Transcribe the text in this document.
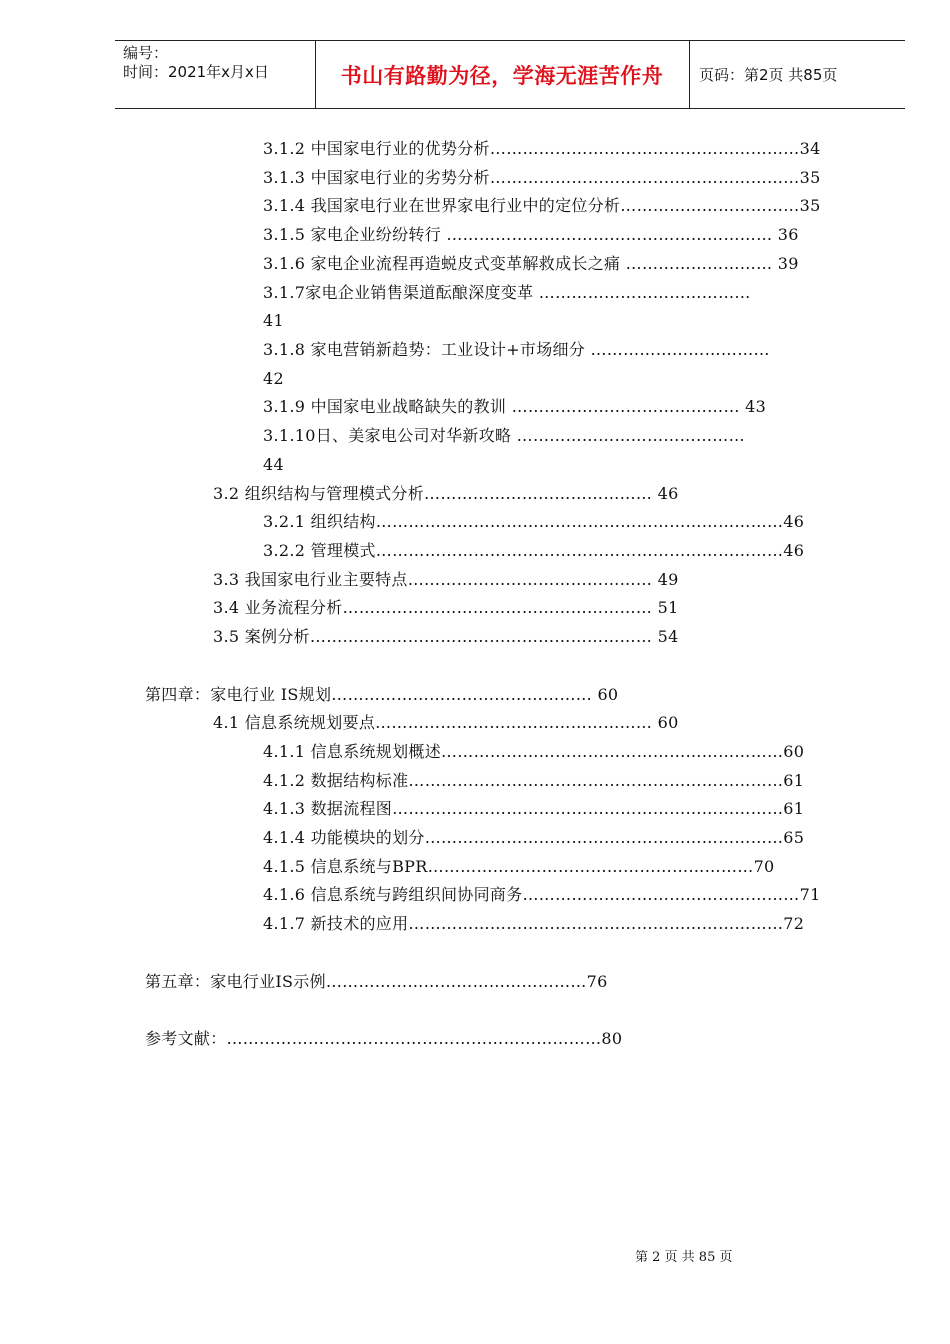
编号：
时间：2021年x月x日	书山有路勤为径，学海无涯苦作舟	页码：第2页 共85页
3.1.2 中国家电行业的优势分析…………………………………………………34
3.1.3 中国家电行业的劣势分析…………………………………………………35
3.1.4 我国家电行业在世界家电行业中的定位分析……………………………35
3.1.5 家电企业纷纷转行 …………………………………………………… 36
3.1.6 家电企业流程再造蜕皮式变革解救成长之痛 ……………………… 39
3.1.7家电企业销售渠道酝酿深度变革 …………………………………
41
3.1.8 家电营销新趋势：工业设计+市场细分 ……………………………
42
3.1.9 中国家电业战略缺失的教训 …………………………………… 43
3.1.10日、美家电公司对华新攻略 ……………………………………
44
3.2 组织结构与管理模式分析…………………………………… 46
3.2.1 组织结构…………………………………………………………………46
3.2.2 管理模式…………………………………………………………………46
3.3 我国家电行业主要特点……………………………………… 49
3.4 业务流程分析………………………………………………… 51
3.5 案例分析……………………………………………………… 54
第四章：家电行业 IS规划………………………………………… 60
4.1 信息系统规划要点…………………………………………… 60
4.1.1 信息系统规划概述………………………………………………………60
4.1.2 数据结构标准……………………………………………………………61
4.1.3 数据流程图………………………………………………………………61
4.1.4 功能模块的划分…………………………………………………………65
4.1.5 信息系统与BPR……………………………………………………70
4.1.6 信息系统与跨组织间协同商务……………………………………………71
4.1.7 新技术的应用……………………………………………………………72
第五章：家电行业IS示例…………………………………………76
参考文献：……………………………………………………………80
第 2 页 共 85 页
